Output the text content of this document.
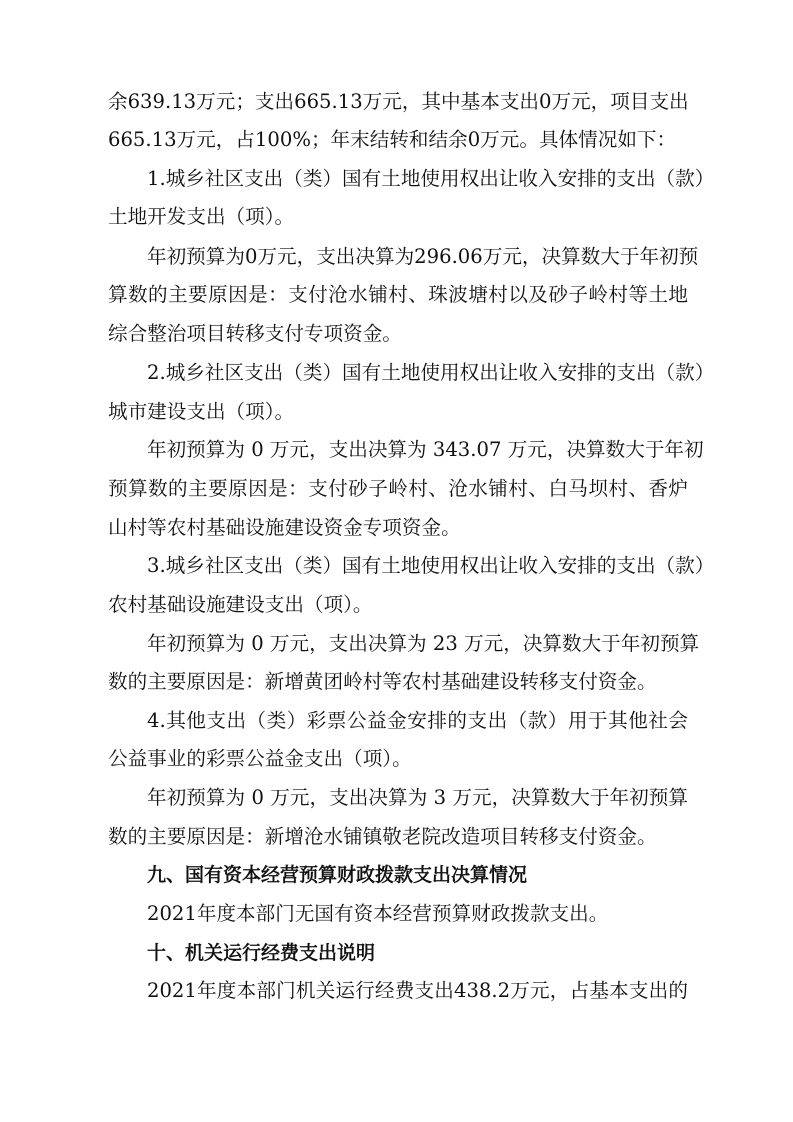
余639.13万元；支出665.13万元，其中基本支出0万元，项目支出

665.13万元，占100%；年末结转和结余0万元。具体情况如下：

1.城乡社区支出（类）国有土地使用权出让收入安排的支出（款）

土地开发支出（项）。

年初预算为0万元，支出决算为296.06万元，决算数大于年初预

算数的主要原因是：支付沧水铺村、珠波塘村以及砂子岭村等土地

综合整治项目转移支付专项资金。

2.城乡社区支出（类）国有土地使用权出让收入安排的支出（款）

城市建设支出（项）。

年初预算为 0 万元，支出决算为 343.07 万元，决算数大于年初

预算数的主要原因是：支付砂子岭村、沧水铺村、白马坝村、香炉

山村等农村基础设施建设资金专项资金。

3.城乡社区支出（类）国有土地使用权出让收入安排的支出（款）

农村基础设施建设支出（项）。

年初预算为 0 万元，支出决算为 23 万元，决算数大于年初预算

数的主要原因是：新增黄团岭村等农村基础建设转移支付资金。

4.其他支出（类）彩票公益金安排的支出（款）用于其他社会

公益事业的彩票公益金支出（项）。

年初预算为 0 万元，支出决算为 3 万元，决算数大于年初预算

数的主要原因是：新增沧水铺镇敬老院改造项目转移支付资金。

九、国有资本经营预算财政拨款支出决算情况

2021年度本部门无国有资本经营预算财政拨款支出。

十、机关运行经费支出说明

2021年度本部门机关运行经费支出438.2万元，占基本支出的
